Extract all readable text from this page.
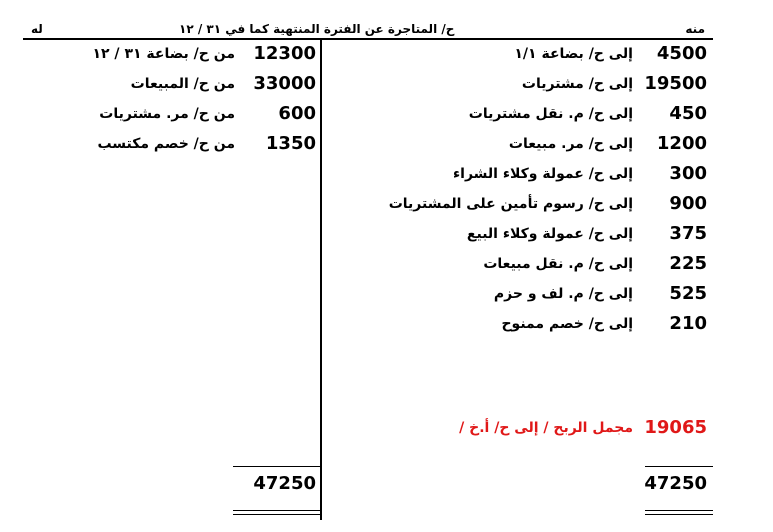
له	ح/ المتاجرة عن الفترة المنتهية كما في ٣١ / ١٢	منه
من ح/ بضاعة ٣١ / ١٢ 12300
من ح/ المبيعات 33000
من ح/ مر. مشتريات 600
من ح/ خصم مكتسب 1350
47250
إلى ح/ بضاعة ١/١ 4500
إلى ح/ مشتريات 19500
إلى ح/ م. نقل مشتريات 450
إلى ح/ مر. مبيعات 1200
إلى ح/ عمولة وكلاء الشراء 300
إلى ح/ رسوم تأمين على المشتريات 900
إلى ح/ عمولة وكلاء البيع 375
إلى ح/ م. نقل مبيعات 225
إلى ح/ م. لف و حزم 525
إلى ح/ خصم ممنوح 210
مجمل الربح / إلى ح/ أ.خ / 19065
47250
